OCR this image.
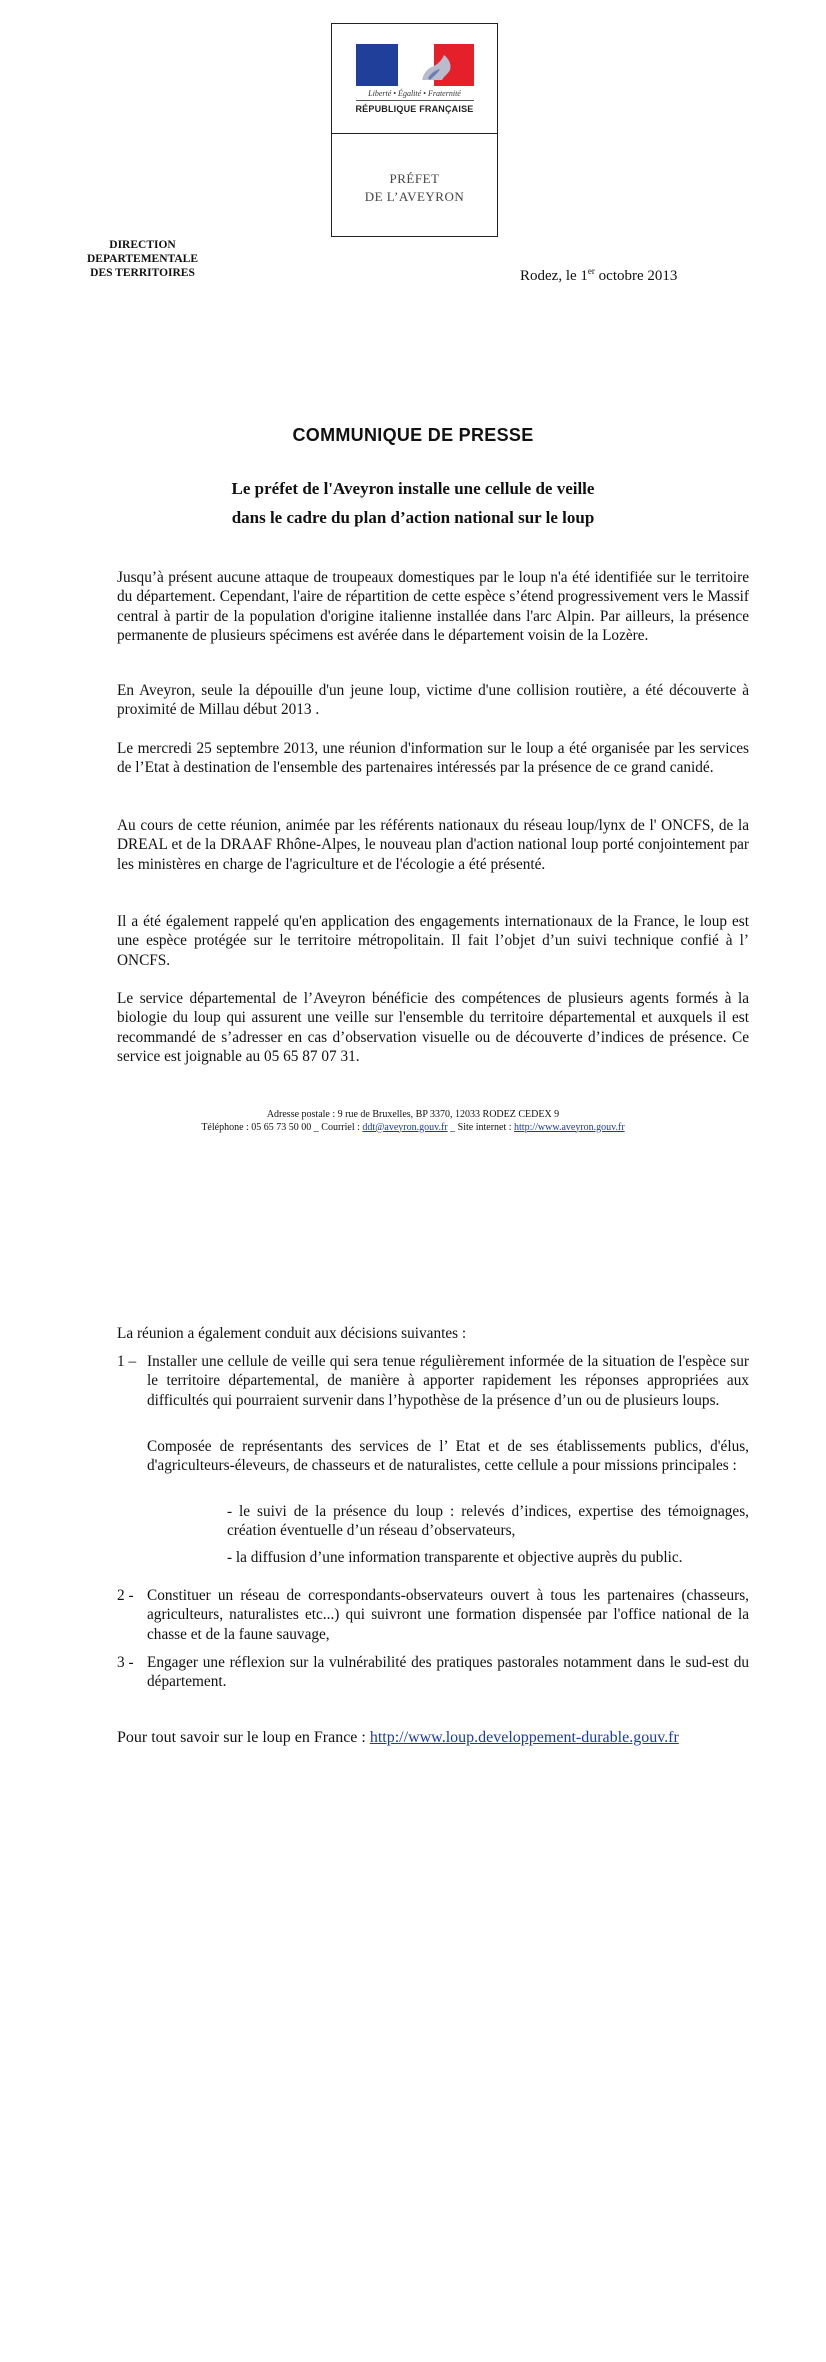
Liberté • Égalité • Fraternité
RÉPUBLIQUE FRANÇAISE
PRÉFET
DE L’AVEYRON
DIRECTION
DEPARTEMENTALE
DES TERRITOIRES	Rodez, le 1er octobre 2013
COMMUNIQUE DE PRESSE
Le préfet de l'Aveyron installe une cellule de veille
dans le cadre du plan d’action national sur le loup

Jusqu’à présent aucune attaque de troupeaux domestiques par le loup n'a été identifiée sur le territoire du département. Cependant, l'aire de répartition de cette espèce s’étend progressivement vers le Massif central à partir de la population d'origine italienne installée dans l'arc Alpin. Par ailleurs, la présence permanente de plusieurs spécimens est avérée dans le département voisin de la Lozère.

En Aveyron, seule la dépouille d'un jeune loup, victime d'une collision routière, a été découverte à proximité de Millau début 2013 .

Le mercredi 25 septembre 2013, une réunion d'information sur le loup a été organisée par les services de l’Etat à destination de l'ensemble des partenaires intéressés par la présence de ce grand canidé.

Au cours de cette réunion, animée par les référents nationaux du réseau loup/lynx de l' ONCFS, de la DREAL et de la DRAAF Rhône-Alpes, le nouveau plan d'action national loup porté conjointement par les ministères en charge de l'agriculture et de l'écologie a été présenté.

Il a été également rappelé qu'en application des engagements internationaux de la France, le loup est une espèce protégée sur le territoire métropolitain. Il fait l’objet d’un suivi technique confié à l’ ONCFS.

Le service départemental de l’Aveyron bénéficie des compétences de plusieurs agents formés à la biologie du loup qui assurent une veille sur l'ensemble du territoire départemental et auxquels il est recommandé de s’adresser en cas d’observation visuelle ou de découverte d’indices de présence. Ce service est joignable au 05 65 87 07 31.

Adresse postale : 9 rue de Bruxelles, BP 3370, 12033 RODEZ CEDEX 9
Téléphone : 05 65 73 50 00 _ Courriel : ddt@aveyron.gouv.fr _ Site internet : http://www.aveyron.gouv.fr

La réunion a également conduit aux décisions suivantes :

1 – Installer une cellule de veille qui sera tenue régulièrement informée de la situation de l'espèce sur le territoire départemental, de manière à apporter rapidement les réponses appropriées aux difficultés qui pourraient survenir dans l’hypothèse de la présence d’un ou de plusieurs loups.

Composée de représentants des services de l’ Etat et de ses établissements publics, d'élus, d'agriculteurs-éleveurs, de chasseurs et de naturalistes, cette cellule a pour missions principales :

- le suivi de la présence du loup : relevés d’indices, expertise des témoignages, création éventuelle d’un réseau d’observateurs,

- la diffusion d’une information transparente et objective auprès du public.

2 - Constituer un réseau de correspondants-observateurs ouvert à tous les partenaires (chasseurs, agriculteurs, naturalistes etc...) qui suivront une formation dispensée par l'office national de la chasse et de la faune sauvage,
3 - Engager une réflexion sur la vulnérabilité des pratiques pastorales notamment dans le sud-est du département.

Pour tout savoir sur le loup en France : http://www.loup.developpement-durable.gouv.fr
